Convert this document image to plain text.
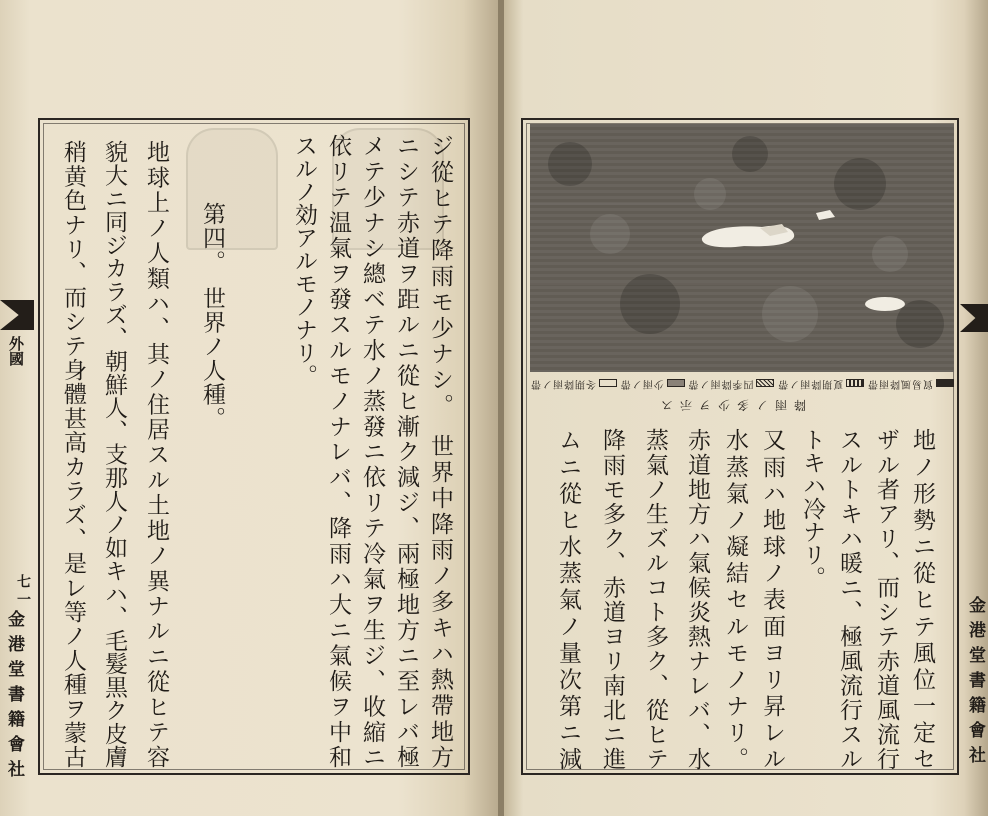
ジ從ヒテ降雨モ少ナシ。　世界中降雨ノ多キハ熱帶地方
ニシテ赤道ヲ距ルニ從ヒ漸ク減ジ、兩極地方ニ至レバ極
メテ少ナシ總ベテ水ノ蒸發ニ依リテ冷氣ヲ生ジ、收縮ニ
依リテ温氣ヲ發スルモノナレバ、降雨ハ大ニ氣候ヲ中和
スルノ効アルモノナリ。
第四。　世界ノ人種。
地球上ノ人類ハ、其ノ住居スル土地ノ異ナルニ從ヒテ容
貌大ニ同ジカラズ、朝鮮人、支那人ノ如キハ、毛髮黒ク皮膚
稍黄色ナリ、而シテ身體甚高カラズ、是レ等ノ人種ヲ蒙古
外國
七一
金港堂書籍會社
貿易風降雨帶
夏期降雨ノ帶
四季降雨ノ帶
少雨ノ帶
冬期降雨ノ帶
降雨ノ多少ヲ示ス
地ノ形勢ニ從ヒテ風位一定セ
ザル者アリ、而シテ赤道風流行
スルトキハ暖ニ、極風流行スル
トキハ冷ナリ。
又雨ハ地球ノ表面ヨリ昇レル
水蒸氣ノ凝結セルモノナリ。
赤道地方ハ氣候炎熱ナレバ、水
蒸氣ノ生ズルコト多ク、從ヒテ
降雨モ多ク、赤道ヨリ南北ニ進
ムニ從ヒ水蒸氣ノ量次第ニ減	金港堂書籍會社
